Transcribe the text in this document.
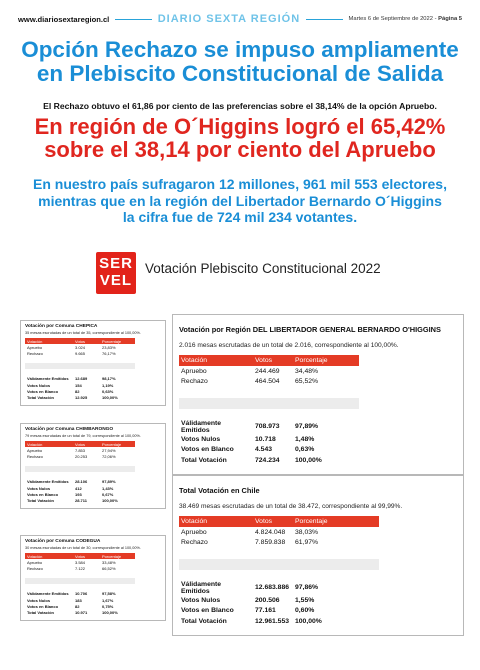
www.diariosextaregion.cl	DIARIO SEXTA REGIÓN	Martes 6 de Septiembre de 2022 - Página 5
Opción Rechazo se impuso ampliamente
en Plebiscito Constitucional de Salida
El Rechazo obtuvo el 61,86 por ciento de las preferencias sobre el 38,14% de la opción Apruebo.
En región de O´Higgins logró el 65,42%
sobre el 38,14 por ciento del Apruebo
En nuestro país sufragaron 12 millones, 961 mil 553 electores,
mientras que en la región del Libertador Bernardo O´Higgins
la cifra fue de 724 mil 234 votantes.
SER
VEL
Votación Plebiscito Constitucional 2022
Votación por Comuna CHEPICA
35 mesas escrutadas de un total de 35, correspondiente al 100,00%.
Votación	Votos	Porcentaje
Apruebo	3.024	23,83%
Rechazo	9.665	76,17%

Válidamente Emitidos	12.689	98,17%
Votos Nulos	154	1,19%
Votos en Blanco	82	0,63%
Total Votación	12.925	100,00%
Votación por Comuna CHIMBARONGO
79 mesas escrutadas de un total de 79, correspondiente al 100,00%.
Votación	Votos	Porcentaje
Apruebo	7.853	27,94%
Rechazo	20.253	72,06%

Válidamente Emitidos	28.106	97,89%
Votos Nulos	412	1,43%
Votos en Blanco	193	0,67%
Total Votación	28.711	100,00%
Votación por Comuna CODEGUA
30 mesas escrutadas de un total de 30, correspondiente al 100,00%.
Votación	Votos	Porcentaje
Apruebo	3.584	33,48%
Rechazo	7.122	66,52%

Válidamente Emitidos	10.706	97,58%
Votos Nulos	183	1,67%
Votos en Blanco	82	0,75%
Total Votación	10.971	100,00%
Votación por Región DEL LIBERTADOR GENERAL BERNARDO O'HIGGINS
2.016 mesas escrutadas de un total de 2.016, correspondiente al 100,00%.
Votación	Votos	Porcentaje
Apruebo	244.469	34,48%
Rechazo	464.504	65,52%

Válidamente Emitidos	708.973	97,89%
Votos Nulos	10.718	1,48%
Votos en Blanco	4.543	0,63%
Total Votación	724.234	100,00%
Total Votación en Chile
38.469 mesas escrutadas de un total de 38.472, correspondiente al 99,99%.
Votación	Votos	Porcentaje
Apruebo	4.824.048	38,03%
Rechazo	7.859.838	61,97%

Válidamente Emitidos	12.683.886	97,86%
Votos Nulos	200.506	1,55%
Votos en Blanco	77.161	0,60%
Total Votación	12.961.553	100,00%
